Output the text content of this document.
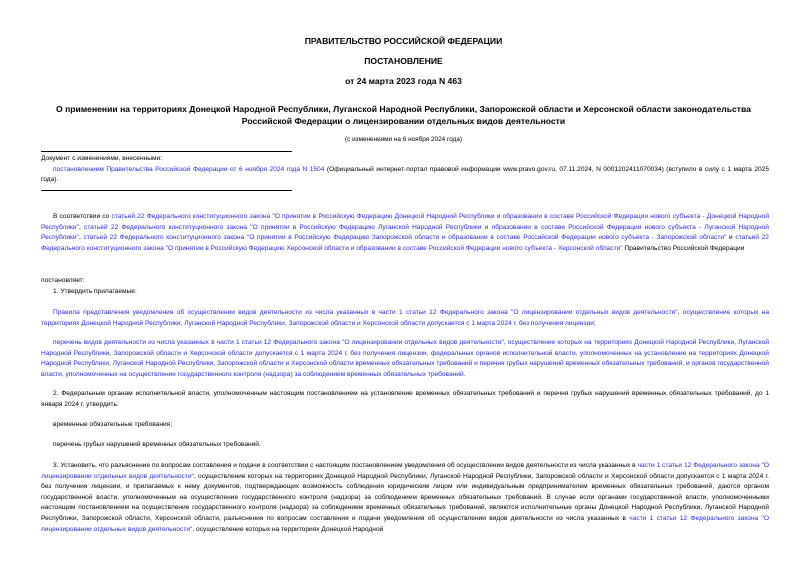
ПРАВИТЕЛЬСТВО РОССИЙСКОЙ ФЕДЕРАЦИИ
ПОСТАНОВЛЕНИЕ
от 24 марта 2023 года N 463
О применении на территориях Донецкой Народной Республики, Луганской Народной Республики, Запорожской области и Херсонской области законодательства Российской Федерации о лицензировании отдельных видов деятельности
(с изменениями на 6 ноября 2024 года)
Документ с изменениями, внесенными:
постановлением Правительства Российской Федерации от 6 ноября 2024 года N 1504 (Официальный интернет-портал правовой информации www.pravo.gov.ru, 07.11.2024, N 0001202411070034) (вступило в силу с 1 марта 2025 года).
В соответствии со статьей 22 Федерального конституционного закона "О принятии в Российскую Федерацию Донецкой Народной Республики и образовании в составе Российской Федерации нового субъекта - Донецкой Народной Республики", статьей 22 Федерального конституционного закона "О принятии в Российскую Федерацию Луганской Народной Республики и образовании в составе Российской Федерации нового субъекта - Луганской Народной Республики", статьей 22 Федерального конституционного закона "О принятии в Российскую Федерацию Запорожской области и образовании в составе Российской Федерации нового субъекта - Запорожской области" и статьей 22 Федерального конституционного закона "О принятии в Российскую Федерацию Херсонской области и образовании в составе Российской Федерации нового субъекта - Херсонской области" Правительство Российской Федерации
постановляет:
1. Утвердить прилагаемые:
Правила представления уведомления об осуществлении видов деятельности из числа указанных в части 1 статьи 12 Федерального закона "О лицензировании отдельных видов деятельности", осуществление которых на территориях Донецкой Народной Республики, Луганской Народной Республики, Запорожской области и Херсонской области допускается с 1 марта 2024 г. без получения лицензии;
перечень видов деятельности из числа указанных в части 1 статьи 12 Федерального закона "О лицензировании отдельных видов деятельности", осуществление которых на территориях Донецкой Народной Республики, Луганской Народной Республики, Запорожской области и Херсонской области допускается с 1 марта 2024 г. без получения лицензии, федеральных органов исполнительной власти, уполномоченных на установление на территориях Донецкой Народной Республики, Луганской Народной Республики, Запорожской области и Херсонской области временных обязательных требований и перечня грубых нарушений временных обязательных требований, и органов государственной власти, уполномоченных на осуществление государственного контроля (надзора) за соблюдением временных обязательных требований.
2. Федеральным органам исполнительной власти, уполномоченным настоящим постановлением на установление временных обязательных требований и перечня грубых нарушений временных обязательных требований, до 1 января 2024 г. утвердить:
временные обязательные требования;
перечень грубых нарушений временных обязательных требований.
3. Установить, что разъяснение по вопросам составления и подачи в соответствии с настоящим постановлением уведомления об осуществлении видов деятельности из числа указанных в части 1 статьи 12 Федерального закона "О лицензировании отдельных видов деятельности", осуществление которых на территориях Донецкой Народной Республики, Луганской Народной Республики, Запорожской области и Херсонской области допускается с 1 марта 2024 г. без получения лицензии, и прилагаемых к нему документов, подтверждающих возможность соблюдения юридическим лицом или индивидуальным предпринимателем временных обязательных требований, даются органом государственной власти, уполномоченным на осуществление государственного контроля (надзора) за соблюдением временных обязательных требований. В случае если органами государственной власти, уполномоченными настоящим постановлением на осуществление государственного контроля (надзора) за соблюдением временных обязательных требований, являются исполнительные органы Донецкой Народной Республики, Луганской Народной Республики, Запорожской области, Херсонской области, разъяснения по вопросам составления и подачи уведомления об осуществлении видов деятельности из числа указанных в части 1 статьи 12 Федерального закона "О лицензировании отдельных видов деятельности", осуществление которых на территориях Донецкой Народной
